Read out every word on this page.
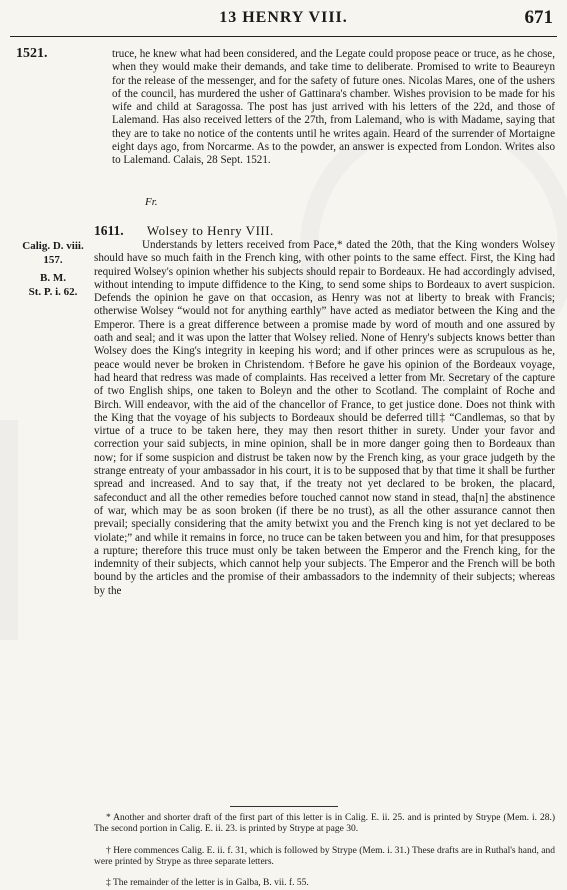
13 HENRY VIII.	671
1521.	truce, he knew what had been considered, and the Legate could propose peace or truce, as he chose, when they would make their demands, and take time to deliberate. Promised to write to Beaureyn for the release of the messenger, and for the safety of future ones. Nicolas Mares, one of the ushers of the council, has murdered the usher of Gattinara's chamber. Wishes provision to be made for his wife and child at Saragossa. The post has just arrived with his letters of the 22d, and those of Lalemand. Has also received letters of the 27th, from Lalemand, who is with Madame, saying that they are to take no notice of the contents until he writes again. Heard of the surrender of Mortaigne eight days ago, from Norcarme. As to the powder, an answer is expected from London. Writes also to Lalemand. Calais, 28 Sept. 1521.
Fr.
1611. Wolsey to Henry VIII.
Calig. D. viii.
157.
B. M.
St. P. i. 62.
Understands by letters received from Pace,* dated the 20th, that the King wonders Wolsey should have so much faith in the French king, with other points to the same effect. First, the King had required Wolsey's opinion whether his subjects should repair to Bordeaux. He had accordingly advised, without intending to impute diffidence to the King, to send some ships to Bordeaux to avert suspicion. Defends the opinion he gave on that occasion, as Henry was not at liberty to break with Francis; otherwise Wolsey “would not for anything earthly” have acted as mediator between the King and the Emperor. There is a great difference between a promise made by word of mouth and one assured by oath and seal; and it was upon the latter that Wolsey relied. None of Henry's subjects knows better than Wolsey does the King's integrity in keeping his word; and if other princes were as scrupulous as he, peace would never be broken in Christendom. †Before he gave his opinion of the Bordeaux voyage, had heard that redress was made of complaints. Has received a letter from Mr. Secretary of the capture of two English ships, one taken to Boleyn and the other to Scotland. The complaint of Roche and Birch. Will endeavor, with the aid of the chancellor of France, to get justice done. Does not think with the King that the voyage of his subjects to Bordeaux should be deferred till‡ “Candlemas, so that by virtue of a truce to be taken here, they may then resort thither in surety. Under your favor and correction your said subjects, in mine opinion, shall be in more danger going then to Bordeaux than now; for if some suspicion and distrust be taken now by the French king, as your grace judgeth by the strange entreaty of your ambassador in his court, it is to be supposed that by that time it shall be further spread and increased. And to say that, if the treaty not yet declared to be broken, the placard, safeconduct and all the other remedies before touched cannot now stand in stead, tha[n] the abstinence of war, which may be as soon broken (if there be no trust), as all the other assurance cannot then prevail; specially considering that the amity betwixt you and the French king is not yet declared to be violate;” and while it remains in force, no truce can be taken between you and him, for that presupposes a rupture; therefore this truce must only be taken between the Emperor and the French king, for the indemnity of their subjects, which cannot help your subjects. The Emperor and the French will be both bound by the articles and the promise of their ambassadors to the indemnity of their subjects; whereas by the
* Another and shorter draft of the first part of this letter is in Calig. E. ii. 25. and is printed by Strype (Mem. i. 28.) The second portion in Calig. E. ii. 23. is printed by Strype at page 30.
† Here commences Calig. E. ii. f. 31, which is followed by Strype (Mem. i. 31.) These drafts are in Ruthal's hand, and were printed by Strype as three separate letters.
‡ The remainder of the letter is in Galba, B. vii. f. 55.
